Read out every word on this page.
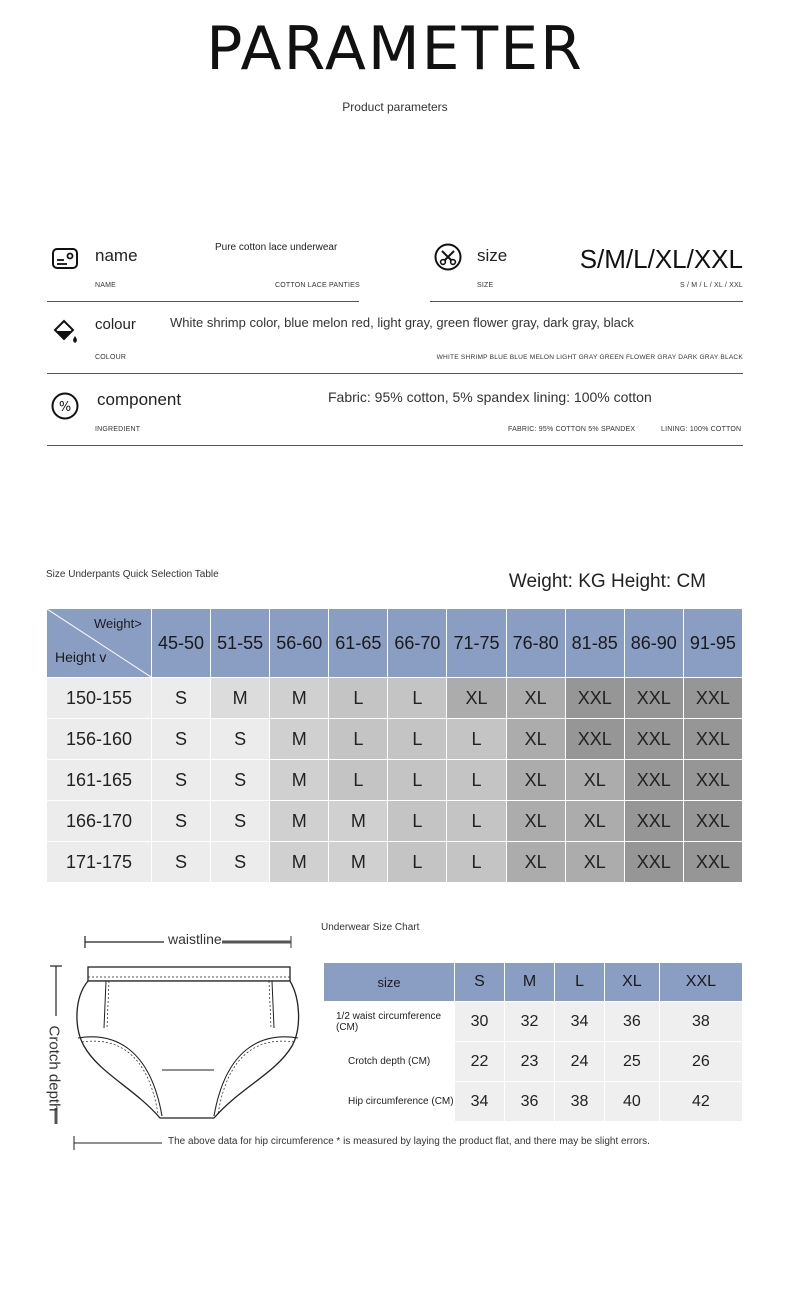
PARAMETER
Product parameters
name	Pure cotton lace underwear
NAME	COTTON LACE PANTIES
size	S/M/L/XL/XXL
SIZE	S / M / L / XL / XXL
colour	White shrimp color, blue melon red, light gray, green flower gray, dark gray, black
COLOUR	WHITE SHRIMP BLUE BLUE MELON LIGHT GRAY GREEN FLOWER GRAY DARK GRAY BLACK
% component	Fabric: 95% cotton, 5% spandex lining: 100% cotton
INGREDIENT	FABRIC: 95% COTTON 5% SPANDEX	LINING: 100% COTTON
Size Underpants Quick Selection Table	Weight: KG Height: CM
Weight>
Height v	45-50	51-55	56-60	61-65	66-70	71-75	76-80	81-85	86-90	91-95
150-155	S	M	M	L	L	XL	XL	XXL	XXL	XXL
156-160	S	S	M	L	L	L	XL	XXL	XXL	XXL
161-165	S	S	M	L	L	L	XL	XL	XXL	XXL
166-170	S	S	M	M	L	L	XL	XL	XXL	XXL
171-175	S	S	M	M	L	L	XL	XL	XXL	XXL
waistline
Crotch depth
Underwear Size Chart
size	S	M	L	XL	XXL
1/2 waist circumference (CM)	30	32	34	36	38
Crotch depth (CM)	22	23	24	25	26
Hip circumference (CM)	34	36	38	40	42
The above data for hip circumference * is measured by laying the product flat, and there may be slight errors.
